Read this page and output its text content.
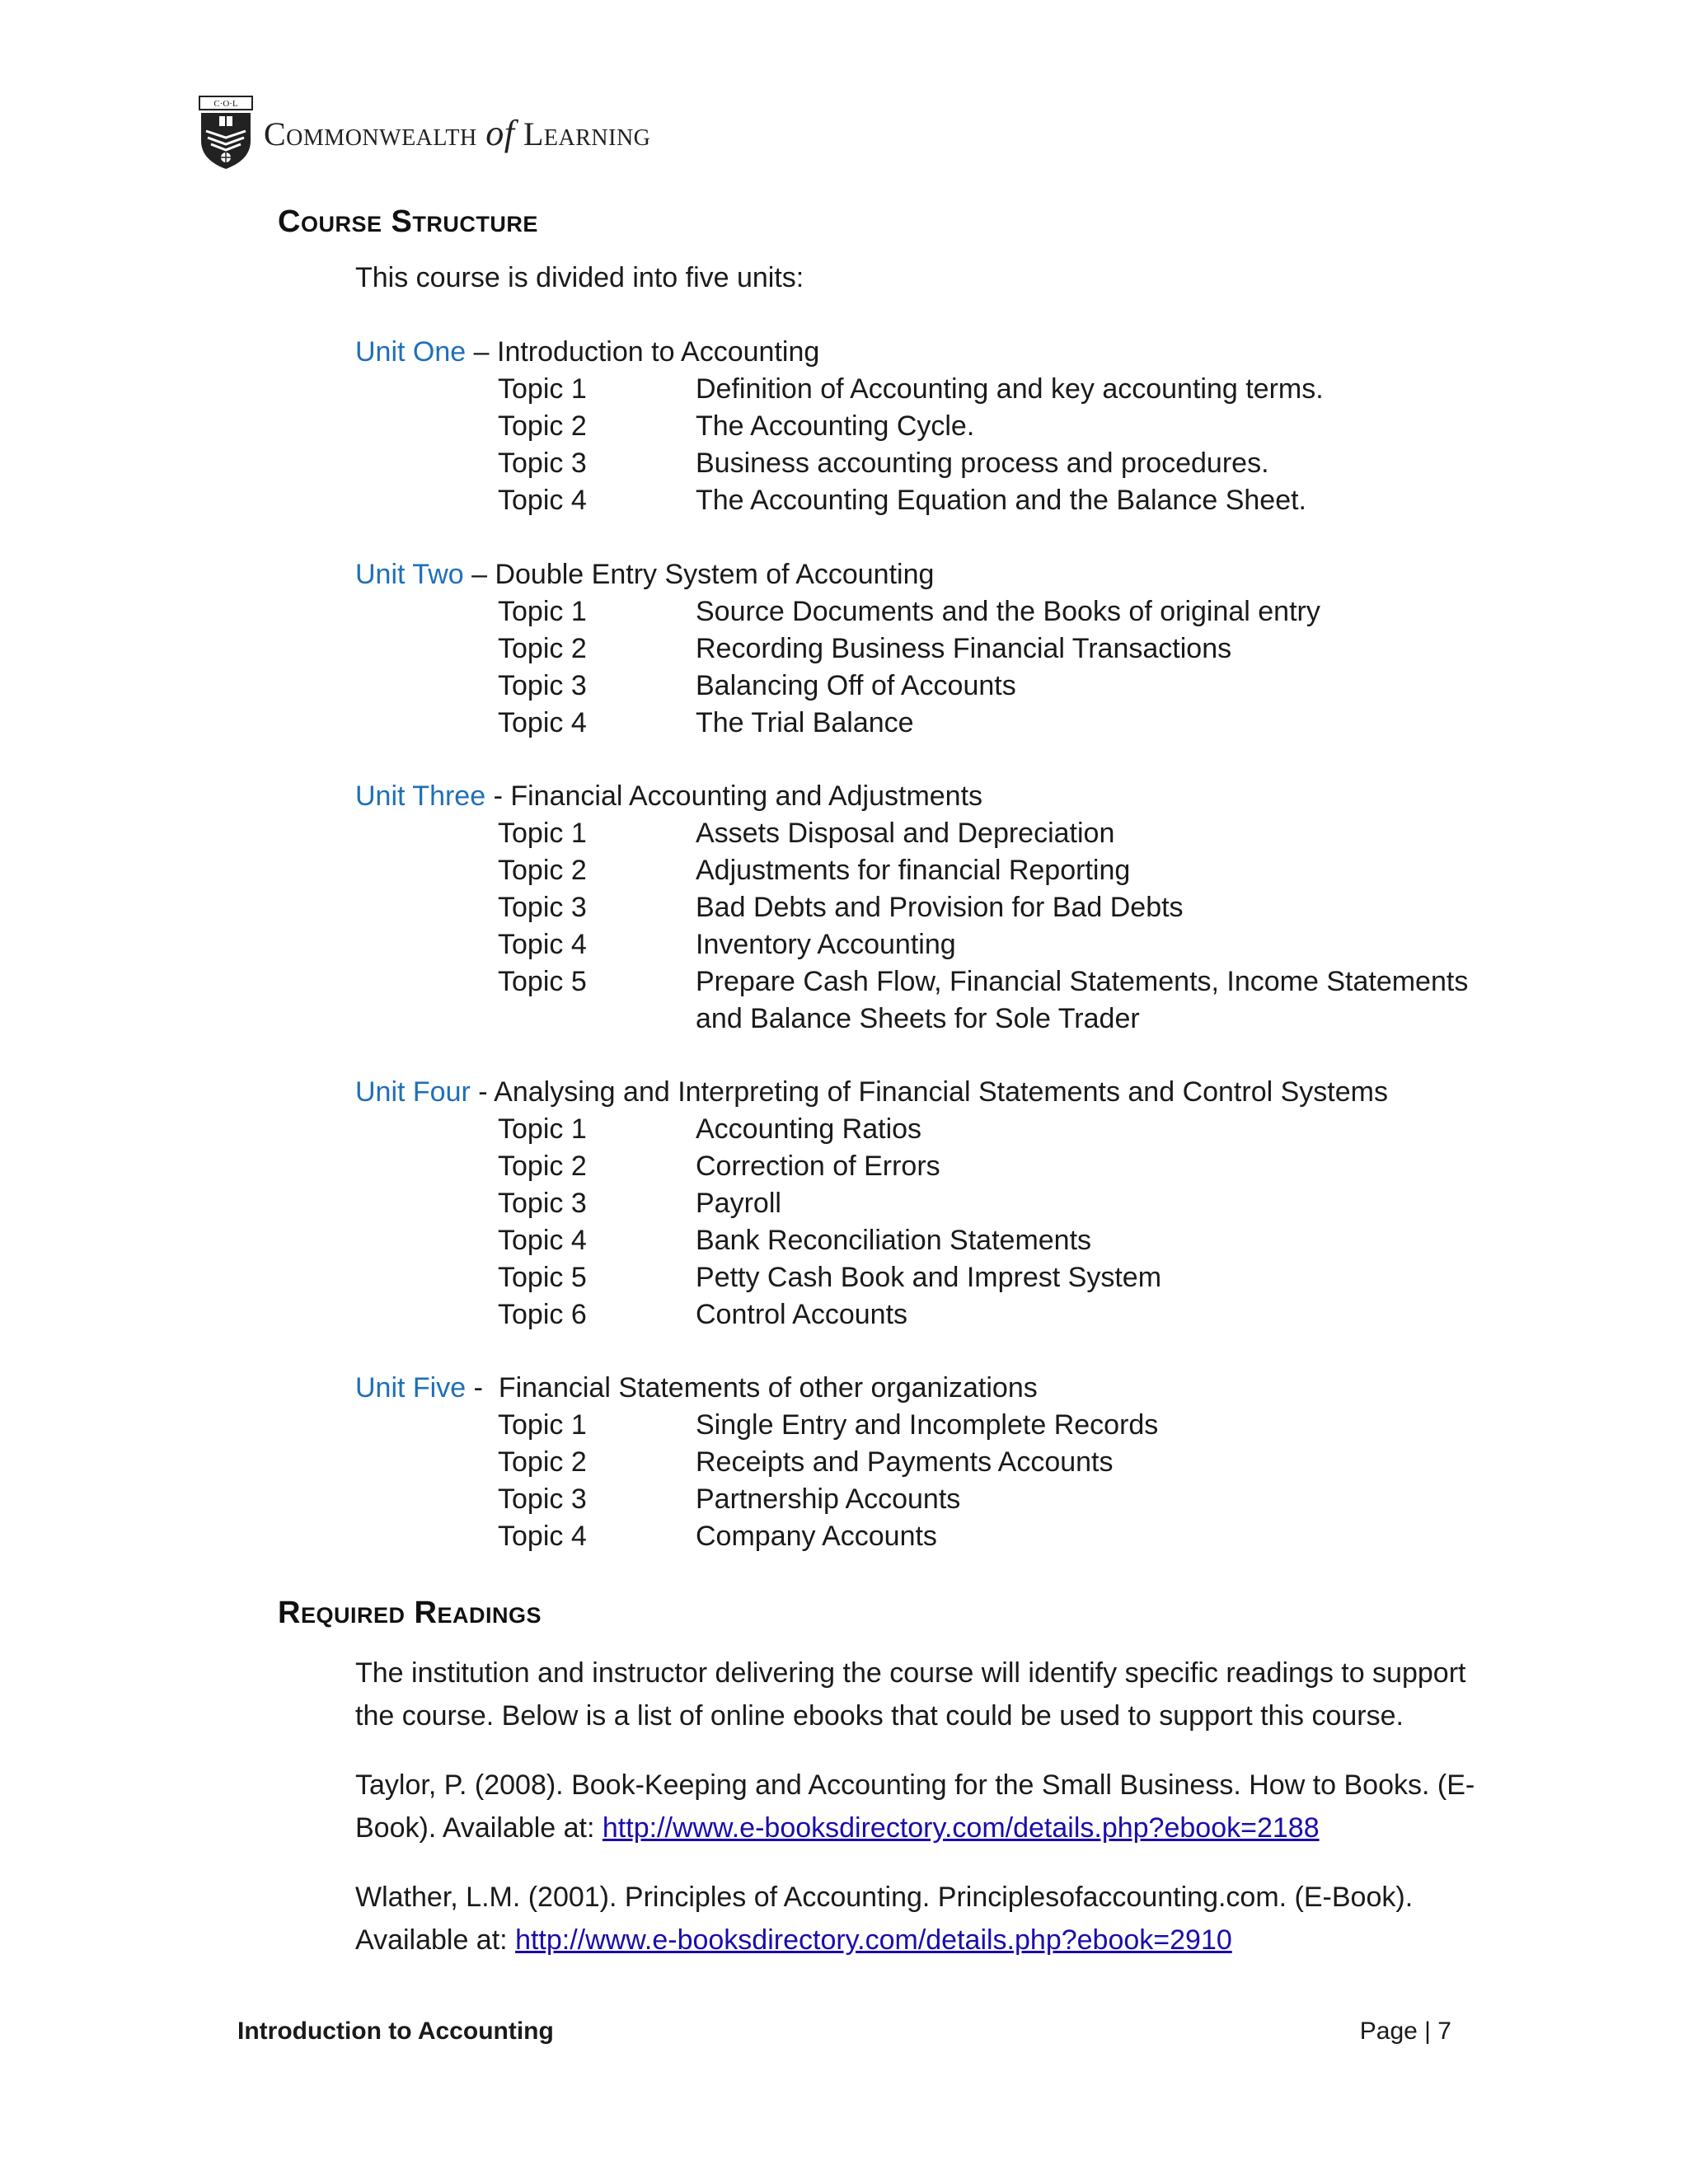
C·O·L
Commonwealth of Learning
Course Structure
This course is divided into five units:
Unit One – Introduction to Accounting
Topic 1	Definition of Accounting and key accounting terms.
Topic 2	The Accounting Cycle.
Topic 3	Business accounting process and procedures.
Topic 4	The Accounting Equation and the Balance Sheet.
Unit Two – Double Entry System of Accounting
Topic 1	Source Documents and the Books of original entry
Topic 2	Recording Business Financial Transactions
Topic 3	Balancing Off of Accounts
Topic 4	The Trial Balance
Unit Three - Financial Accounting and Adjustments
Topic 1	Assets Disposal and Depreciation
Topic 2	Adjustments for financial Reporting
Topic 3	Bad Debts and Provision for Bad Debts
Topic 4	Inventory Accounting
Topic 5	Prepare Cash Flow, Financial Statements, Income Statements and Balance Sheets for Sole Trader
Unit Four - Analysing and Interpreting of Financial Statements and Control Systems
Topic 1	Accounting Ratios
Topic 2	Correction of Errors
Topic 3	Payroll
Topic 4	Bank Reconciliation Statements
Topic 5	Petty Cash Book and Imprest System
Topic 6	Control Accounts
Unit Five -  Financial Statements of other organizations
Topic 1	Single Entry and Incomplete Records
Topic 2	Receipts and Payments Accounts
Topic 3	Partnership Accounts
Topic 4	Company Accounts
Required Readings
The institution and instructor delivering the course will identify specific readings to support the course. Below is a list of online ebooks that could be used to support this course.
Taylor, P. (2008). Book-Keeping and Accounting for the Small Business. How to Books. (E-Book). Available at: http://www.e-booksdirectory.com/details.php?ebook=2188
Wlather, L.M. (2001). Principles of Accounting. Principlesofaccounting.com. (E-Book). Available at: http://www.e-booksdirectory.com/details.php?ebook=2910
Introduction to Accounting	Page | 7
